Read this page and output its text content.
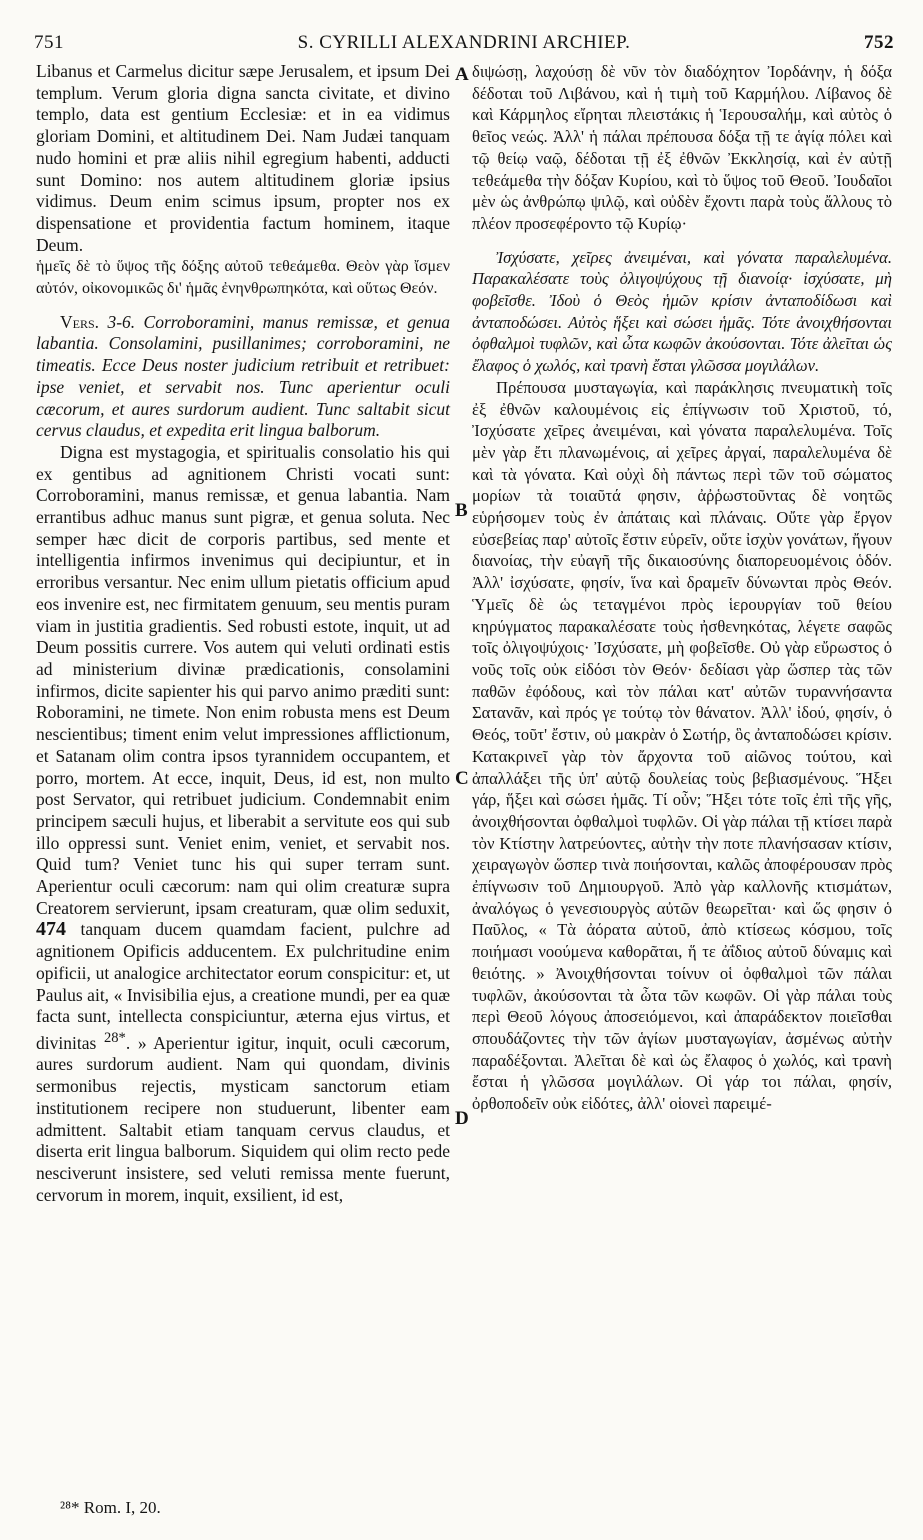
751	S. CYRILLI ALEXANDRINI ARCHIEP.	752
A
B
C
D

Libanus et Carmelus dicitur sæpe Jerusalem, et ipsum Dei templum. Verum gloria digna sancta civitate, et divino templo, data est gentium Ecclesiæ: et in ea vidimus gloriam Domini, et altitudinem Dei. Nam Judæi tanquam nudo homini et præ aliis nihil egregium habenti, adducti sunt Domino: nos autem altitudinem gloriæ ipsius vidimus. Deum enim scimus ipsum, propter nos ex dispensatione et providentia factum hominem, itaque Deum.

ἡμεῖς δὲ τὸ ὕψος τῆς δόξης αὐτοῦ τεθεάμεθα. Θεὸν γὰρ ἴσμεν αὐτόν, οἰκονομικῶς δι' ἡμᾶς ἐνηνθρωπηκότα, καὶ οὕτως Θεόν.

Vers. 3-6. Corroboramini, manus remissæ, et genua labantia. Consolamini, pusillanimes; corroboramini, ne timeatis. Ecce Deus noster judicium retribuit et retribuet: ipse veniet, et servabit nos. Tunc aperientur oculi cæcorum, et aures surdorum audient. Tunc saltabit sicut cervus claudus, et expedita erit lingua balborum.

Digna est mystagogia, et spiritualis consolatio his qui ex gentibus ad agnitionem Christi vocati sunt: Corroboramini, manus remissæ, et genua labantia. Nam errantibus adhuc manus sunt pigræ, et genua soluta. Nec semper hæc dicit de corporis partibus, sed mente et intelligentia infirmos invenimus qui decipiuntur, et in erroribus versantur. Nec enim ullum pietatis officium apud eos invenire est, nec firmitatem genuum, seu mentis puram viam in justitia gradientis. Sed robusti estote, inquit, ut ad Deum possitis currere. Vos autem qui veluti ordinati estis ad ministerium divinæ prædicationis, consolamini infirmos, dicite sapienter his qui parvo animo præditi sunt: Roboramini, ne timete. Non enim robusta mens est Deum nescientibus; timent enim velut impressiones afflictionum, et Satanam olim contra ipsos tyrannidem occupantem, et porro, mortem. At ecce, inquit, Deus, id est, non multo post Servator, qui retribuet judicium. Condemnabit enim principem sæculi hujus, et liberabit a servitute eos qui sub illo oppressi sunt. Veniet enim, veniet, et servabit nos. Quid tum? Veniet tunc his qui super terram sunt. Aperientur oculi cæcorum: nam qui olim creaturæ supra Creatorem servierunt, ipsam creaturam, quæ olim seduxit, 474 tanquam ducem quamdam facient, pulchre ad agnitionem Opificis adducentem. Ex pulchritudine enim opificii, ut analogice architectator eorum conspicitur: et, ut Paulus ait, « Invisibilia ejus, a creatione mundi, per ea quæ facta sunt, intellecta conspiciuntur, æterna ejus virtus, et divinitas $^{28*}$. » Aperientur igitur, inquit, oculi cæcorum, aures surdorum audient. Nam qui quondam, divinis sermonibus rejectis, mysticam sanctorum etiam institutionem recipere non studuerunt, libenter eam admittent. Saltabit etiam tanquam cervus claudus, et diserta erit lingua balborum. Siquidem qui olim recto pede nesciverunt insistere, sed veluti remissa mente fuerunt, cervorum in morem, inquit, exsilient, id est,

διψώσῃ, λαχούσῃ δὲ νῦν τὸν διαδόχητον Ἰορδάνην, ἡ δόξα δέδοται τοῦ Λιβάνου, καὶ ἡ τιμὴ τοῦ Καρμήλου. Λίβανος δὲ καὶ Κάρμηλος εἴρηται πλειστάκις ἡ Ἱερουσαλήμ, καὶ αὐτὸς ὁ θεῖος νεώς. Ἀλλ' ἡ πάλαι πρέπουσα δόξα τῇ τε ἁγίᾳ πόλει καὶ τῷ θείῳ ναῷ, δέδοται τῇ ἐξ ἐθνῶν Ἐκκλησίᾳ, καὶ ἐν αὐτῇ τεθεάμεθα τὴν δόξαν Κυρίου, καὶ τὸ ὕψος τοῦ Θεοῦ. Ἰουδαῖοι μὲν ὡς ἀνθρώπῳ ψιλῷ, καὶ οὐδὲν ἔχοντι παρὰ τοὺς ἄλλους τὸ πλέον προσεφέροντο τῷ Κυρίῳ·

Ἰσχύσατε, χεῖρες ἀνειμέναι, καὶ γόνατα παραλελυμένα. Παρακαλέσατε τοὺς ὀλιγοψύχους τῇ διανοίᾳ· ἰσχύσατε, μὴ φοβεῖσθε. Ἰδοὺ ὁ Θεὸς ἡμῶν κρίσιν ἀνταποδίδωσι καὶ ἀνταποδώσει. Αὐτὸς ἥξει καὶ σώσει ἡμᾶς. Τότε ἀνοιχθήσονται ὀφθαλμοὶ τυφλῶν, καὶ ὦτα κωφῶν ἀκούσονται. Τότε ἀλεῖται ὡς ἔλαφος ὁ χωλός, καὶ τρανὴ ἔσται γλῶσσα μογιλάλων.

Πρέπουσα μυσταγωγία, καὶ παράκλησις πνευματικὴ τοῖς ἐξ ἐθνῶν καλουμένοις εἰς ἐπίγνωσιν τοῦ Χριστοῦ, τό, Ἰσχύσατε χεῖρες ἀνειμέναι, καὶ γόνατα παραλελυμένα. Τοῖς μὲν γὰρ ἔτι πλανωμένοις, αἱ χεῖρες ἀργαί, παραλελυμένα δὲ καὶ τὰ γόνατα. Καὶ οὐχὶ δὴ πάντως περὶ τῶν τοῦ σώματος μορίων τὰ τοιαῦτά φησιν, ἀῤῥωστοῦντας δὲ νοητῶς εὑρήσομεν τοὺς ἐν ἀπάταις καὶ πλάναις. Οὔτε γὰρ ἔργον εὐσεβείας παρ' αὐτοῖς ἔστιν εὑρεῖν, οὔτε ἰσχὺν γονάτων, ἤγουν διανοίας, τὴν εὐαγῆ τῆς δικαιοσύνης διαπορευομένοις ὁδόν. Ἀλλ' ἰσχύσατε, φησίν, ἵνα καὶ δραμεῖν δύνωνται πρὸς Θεόν. Ὑμεῖς δὲ ὡς τεταγμένοι πρὸς ἱερουργίαν τοῦ θείου κηρύγματος παρακαλέσατε τοὺς ἠσθενηκότας, λέγετε σαφῶς τοῖς ὀλιγοψύχοις· Ἰσχύσατε, μὴ φοβεῖσθε. Οὐ γὰρ εὔρωστος ὁ νοῦς τοῖς οὐκ εἰδόσι τὸν Θεόν· δεδίασι γὰρ ὥσπερ τὰς τῶν παθῶν ἐφόδους, καὶ τὸν πάλαι κατ' αὐτῶν τυραννήσαντα Σατανᾶν, καὶ πρός γε τούτῳ τὸν θάνατον. Ἀλλ' ἰδού, φησίν, ὁ Θεός, τοῦτ' ἔστιν, οὐ μακρὰν ὁ Σωτήρ, ὃς ἀνταποδώσει κρίσιν. Κατακρινεῖ γὰρ τὸν ἄρχοντα τοῦ αἰῶνος τούτου, καὶ ἀπαλλάξει τῆς ὑπ' αὐτῷ δουλείας τοὺς βεβιασμένους. Ἥξει γάρ, ἥξει καὶ σώσει ἡμᾶς. Τί οὖν; Ἥξει τότε τοῖς ἐπὶ τῆς γῆς, ἀνοιχθήσονται ὀφθαλμοὶ τυφλῶν. Οἱ γὰρ πάλαι τῇ κτίσει παρὰ τὸν Κτίστην λατρεύοντες, αὐτὴν τὴν ποτε πλανήσασαν κτίσιν, χειραγωγὸν ὥσπερ τινὰ ποιήσονται, καλῶς ἀποφέρουσαν πρὸς ἐπίγνωσιν τοῦ Δημιουργοῦ. Ἀπὸ γὰρ καλλονῆς κτισμάτων, ἀναλόγως ὁ γενεσιουργὸς αὐτῶν θεωρεῖται· καὶ ὥς φησιν ὁ Παῦλος, « Τὰ ἀόρατα αὐτοῦ, ἀπὸ κτίσεως κόσμου, τοῖς ποιήμασι νοούμενα καθορᾶται, ἥ τε ἀΐδιος αὐτοῦ δύναμις καὶ θειότης. » Ἀνοιχθήσονται τοίνυν οἱ ὀφθαλμοὶ τῶν πάλαι τυφλῶν, ἀκούσονται τὰ ὦτα τῶν κωφῶν. Οἱ γὰρ πάλαι τοὺς περὶ Θεοῦ λόγους ἀποσειόμενοι, καὶ ἀπαράδεκτον ποιεῖσθαι σπουδάζοντες τὴν τῶν ἁγίων μυσταγωγίαν, ἀσμένως αὐτὴν παραδέξονται. Ἀλεῖται δὲ καὶ ὡς ἔλαφος ὁ χωλός, καὶ τρανὴ ἔσται ἡ γλῶσσα μογιλάλων. Οἱ γάρ τοι πάλαι, φησίν, ὀρθοποδεῖν οὐκ εἰδότες, ἀλλ' οἱονεὶ παρειμέ-

²⁸* Rom. I, 20.
